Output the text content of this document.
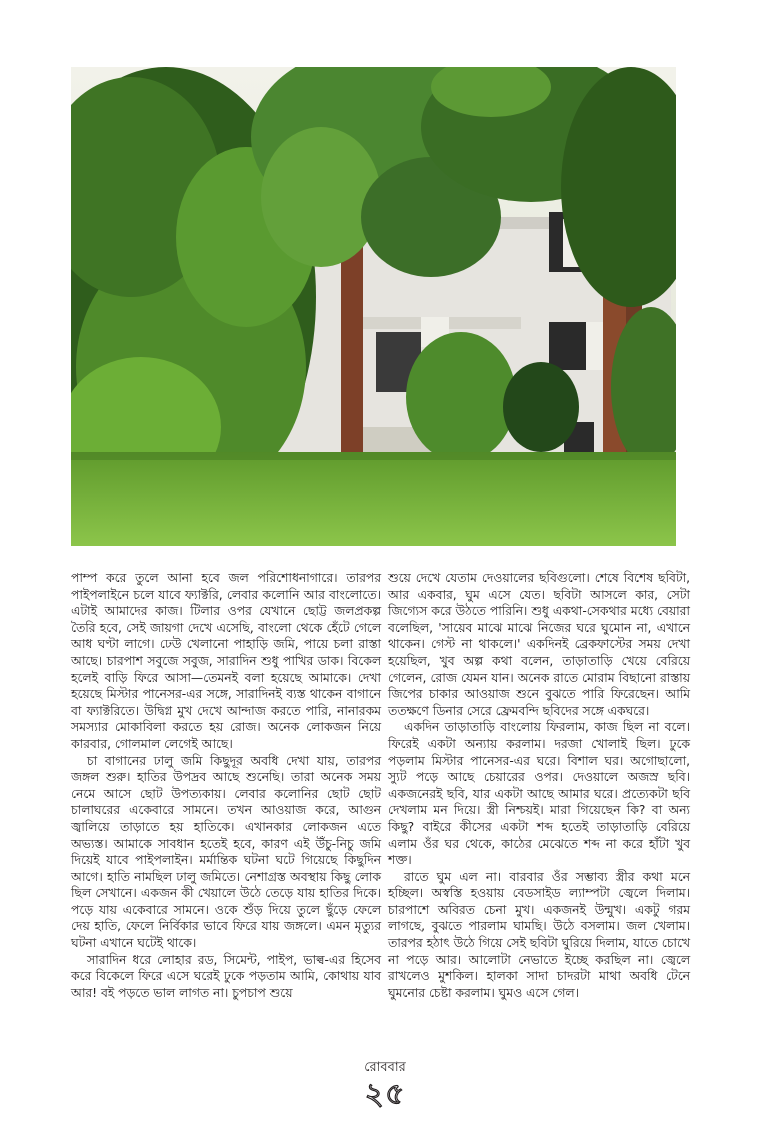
পাম্প করে তুলে আনা হবে জল পরিশোধনাগারে। তারপর পাইপলাইনে চলে যাবে ফ্যাক্টরি, লেবার কলোনি আর বাংলোতে। এটাই আমাদের কাজ। টিলার ওপর যেখানে ছোট্ট জলপ্রকল্প তৈরি হবে, সেই জায়গা দেখে এসেছি, বাংলো থেকে হেঁটে গেলে আধ ঘণ্টা লাগে। ঢেউ খেলানো পাহাড়ি জমি, পায়ে চলা রাস্তা আছে। চারপাশ সবুজে সবুজ, সারাদিন শুধু পাখির ডাক। বিকেল হলেই বাড়ি ফিরে আসা—তেমনই বলা হয়েছে আমাকে। দেখা হয়েছে মিস্টার পানেসর-এর সঙ্গে, সারাদিনই ব্যস্ত থাকেন বাগানে বা ফ্যাক্টরিতে। উদ্বিগ্ন মুখ দেখে আন্দাজ করতে পারি, নানারকম সমস্যার মোকাবিলা করতে হয় রোজ। অনেক লোকজন নিয়ে কারবার, গোলমাল লেগেই আছে।

চা বাগানের ঢালু জমি কিছুদূর অবধি দেখা যায়, তারপর জঙ্গল শুরু। হাতির উপদ্রব আছে শুনেছি। তারা অনেক সময় নেমে আসে ছোট উপত্যকায়। লেবার কলোনির ছোট ছোট চালাঘরের একেবারে সামনে। তখন আওয়াজ করে, আগুন জ্বালিয়ে তাড়াতে হয় হাতিকে। এখানকার লোকজন এতে অভ্যস্ত। আমাকে সাবধান হতেই হবে, কারণ এই উঁচু-নিচু জমি দিয়েই যাবে পাইপলাইন। মর্মান্তিক ঘটনা ঘটে গিয়েছে কিছুদিন আগে। হাতি নামছিল ঢালু জমিতে। নেশাগ্রস্ত অবস্থায় কিছু লোক ছিল সেখানে। একজন কী খেয়ালে উঠে তেড়ে যায় হাতির দিকে। পড়ে যায় একেবারে সামনে। ওকে শুঁড় দিয়ে তুলে ছুঁড়ে ফেলে দেয় হাতি, ফেলে নির্বিকার ভাবে ফিরে যায় জঙ্গলে। এমন মৃত্যুর ঘটনা এখানে ঘটেই থাকে।

সারাদিন ধরে লোহার রড, সিমেন্ট, পাইপ, ভাল্ব-এর হিসেব করে বিকেলে ফিরে এসে ঘরেই ঢুকে পড়তাম আমি, কোথায় যাব আর! বই পড়তে ভাল লাগত না। চুপচাপ শুয়ে

শুয়ে দেখে যেতাম দেওয়ালের ছবিগুলো। শেষে বিশেষ ছবিটা, আর একবার, ঘুম এসে যেত। ছবিটা আসলে কার, সেটা জিগ্যেস করে উঠতে পারিনি। শুধু একথা-সেকথার মধ্যে বেয়ারা বলেছিল, 'সায়েব মাঝে মাঝে নিজের ঘরে ঘুমোন না, এখানে থাকেন। গেস্ট না থাকলে।' একদিনই ব্রেকফাস্টের সময় দেখা হয়েছিল, খুব অল্প কথা বলেন, তাড়াতাড়ি খেয়ে বেরিয়ে গেলেন, রোজ যেমন যান। অনেক রাতে মোরাম বিছানো রাস্তায় জিপের চাকার আওয়াজ শুনে বুঝতে পারি ফিরেছেন। আমি ততক্ষণে ডিনার সেরে ফ্রেমবন্দি ছবিদের সঙ্গে একঘরে।

একদিন তাড়াতাড়ি বাংলোয় ফিরলাম, কাজ ছিল না বলে। ফিরেই একটা অন্যায় করলাম। দরজা খোলাই ছিল। ঢুকে পড়লাম মিস্টার পানেসর-এর ঘরে। বিশাল ঘর। অগোছালো, স্যুট পড়ে আছে চেয়ারের ওপর। দেওয়ালে অজস্র ছবি। একজনেরই ছবি, যার একটা আছে আমার ঘরে। প্রত্যেকটা ছবি দেখলাম মন দিয়ে। স্ত্রী নিশ্চয়ই। মারা গিয়েছেন কি? বা অন্য কিছু? বাইরে কীসের একটা শব্দ হতেই তাড়াতাড়ি বেরিয়ে এলাম ওঁর ঘর থেকে, কাঠের মেঝেতে শব্দ না করে হাঁটা খুব শক্ত।

রাতে ঘুম এল না। বারবার ওঁর সম্ভাব্য স্ত্রীর কথা মনে হচ্ছিল। অস্বস্তি হওয়ায় বেডসাইড ল্যাম্পটা জ্বেলে দিলাম। চারপাশে অবিরত চেনা মুখ। একজনই উন্মুখ। একটু গরম লাগছে, বুঝতে পারলাম ঘামছি। উঠে বসলাম। জল খেলাম। তারপর হঠাৎ উঠে গিয়ে সেই ছবিটা ঘুরিয়ে দিলাম, যাতে চোখে না পড়ে আর। আলোটা নেভাতে ইচ্ছে করছিল না। জ্বেলে রাখলেও মুশকিল। হালকা সাদা চাদরটা মাথা অবধি টেনে ঘুমনোর চেষ্টা করলাম। ঘুমও এসে গেল।

রোববার
২৫
